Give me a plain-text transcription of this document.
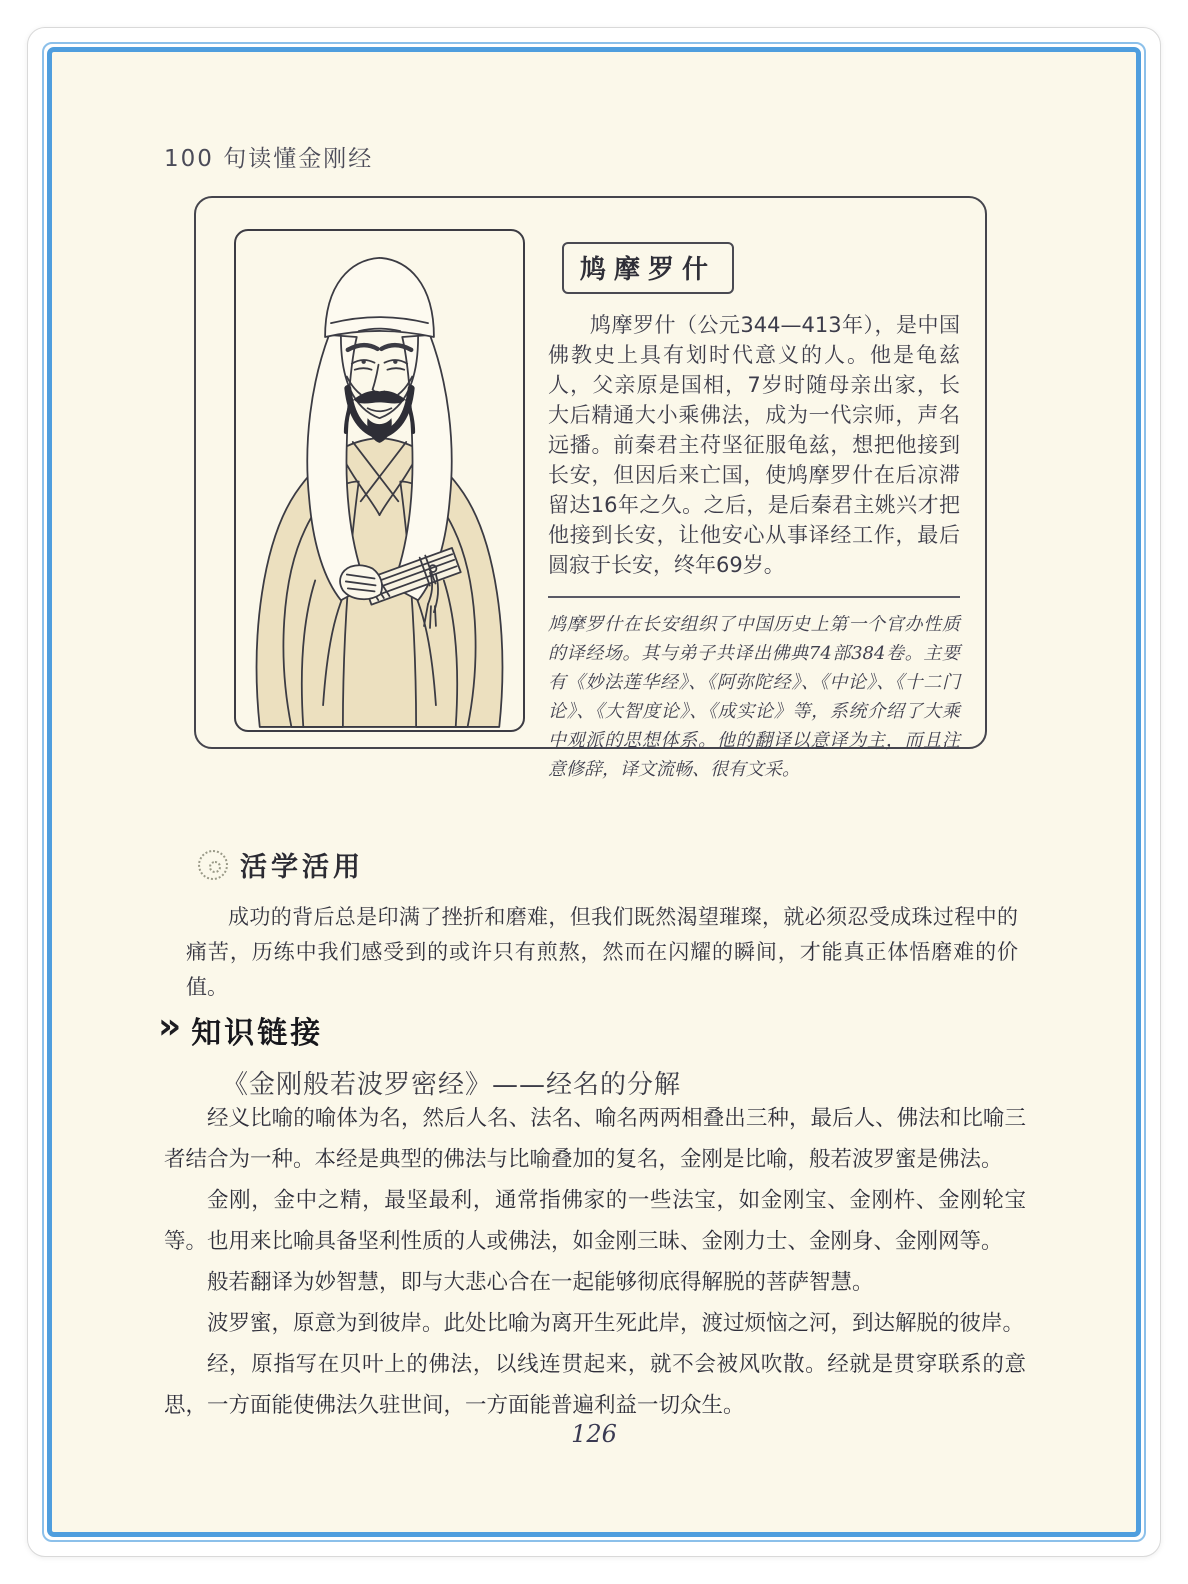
100 句读懂金刚经
鸠摩罗什

鸠摩罗什（公元344—413年），是中国佛教史上具有划时代意义的人。他是龟兹人，父亲原是国相，7岁时随母亲出家，长大后精通大小乘佛法，成为一代宗师，声名远播。前秦君主苻坚征服龟兹，想把他接到长安，但因后来亡国，使鸠摩罗什在后凉滞留达16年之久。之后，是后秦君主姚兴才把他接到长安，让他安心从事译经工作，最后圆寂于长安，终年69岁。

鸠摩罗什在长安组织了中国历史上第一个官办性质的译经场。其与弟子共译出佛典74部384卷。主要有《妙法莲华经》、《阿弥陀经》、《中论》、《十二门论》、《大智度论》、《成实论》等，系统介绍了大乘中观派的思想体系。他的翻译以意译为主，而且注意修辞，译文流畅、很有文采。

活学活用

成功的背后总是印满了挫折和磨难，但我们既然渴望璀璨，就必须忍受成珠过程中的痛苦，历练中我们感受到的或许只有煎熬，然而在闪耀的瞬间，才能真正体悟磨难的价值。

» 知识链接
《金刚般若波罗密经》——经名的分解

经义比喻的喻体为名，然后人名、法名、喻名两两相叠出三种，最后人、佛法和比喻三者结合为一种。本经是典型的佛法与比喻叠加的复名，金刚是比喻，般若波罗蜜是佛法。

金刚，金中之精，最坚最利，通常指佛家的一些法宝，如金刚宝、金刚杵、金刚轮宝等。也用来比喻具备坚利性质的人或佛法，如金刚三昧、金刚力士、金刚身、金刚网等。

般若翻译为妙智慧，即与大悲心合在一起能够彻底得解脱的菩萨智慧。

波罗蜜，原意为到彼岸。此处比喻为离开生死此岸，渡过烦恼之河，到达解脱的彼岸。

经，原指写在贝叶上的佛法，以线连贯起来，就不会被风吹散。经就是贯穿联系的意思，一方面能使佛法久驻世间，一方面能普遍利益一切众生。

126
